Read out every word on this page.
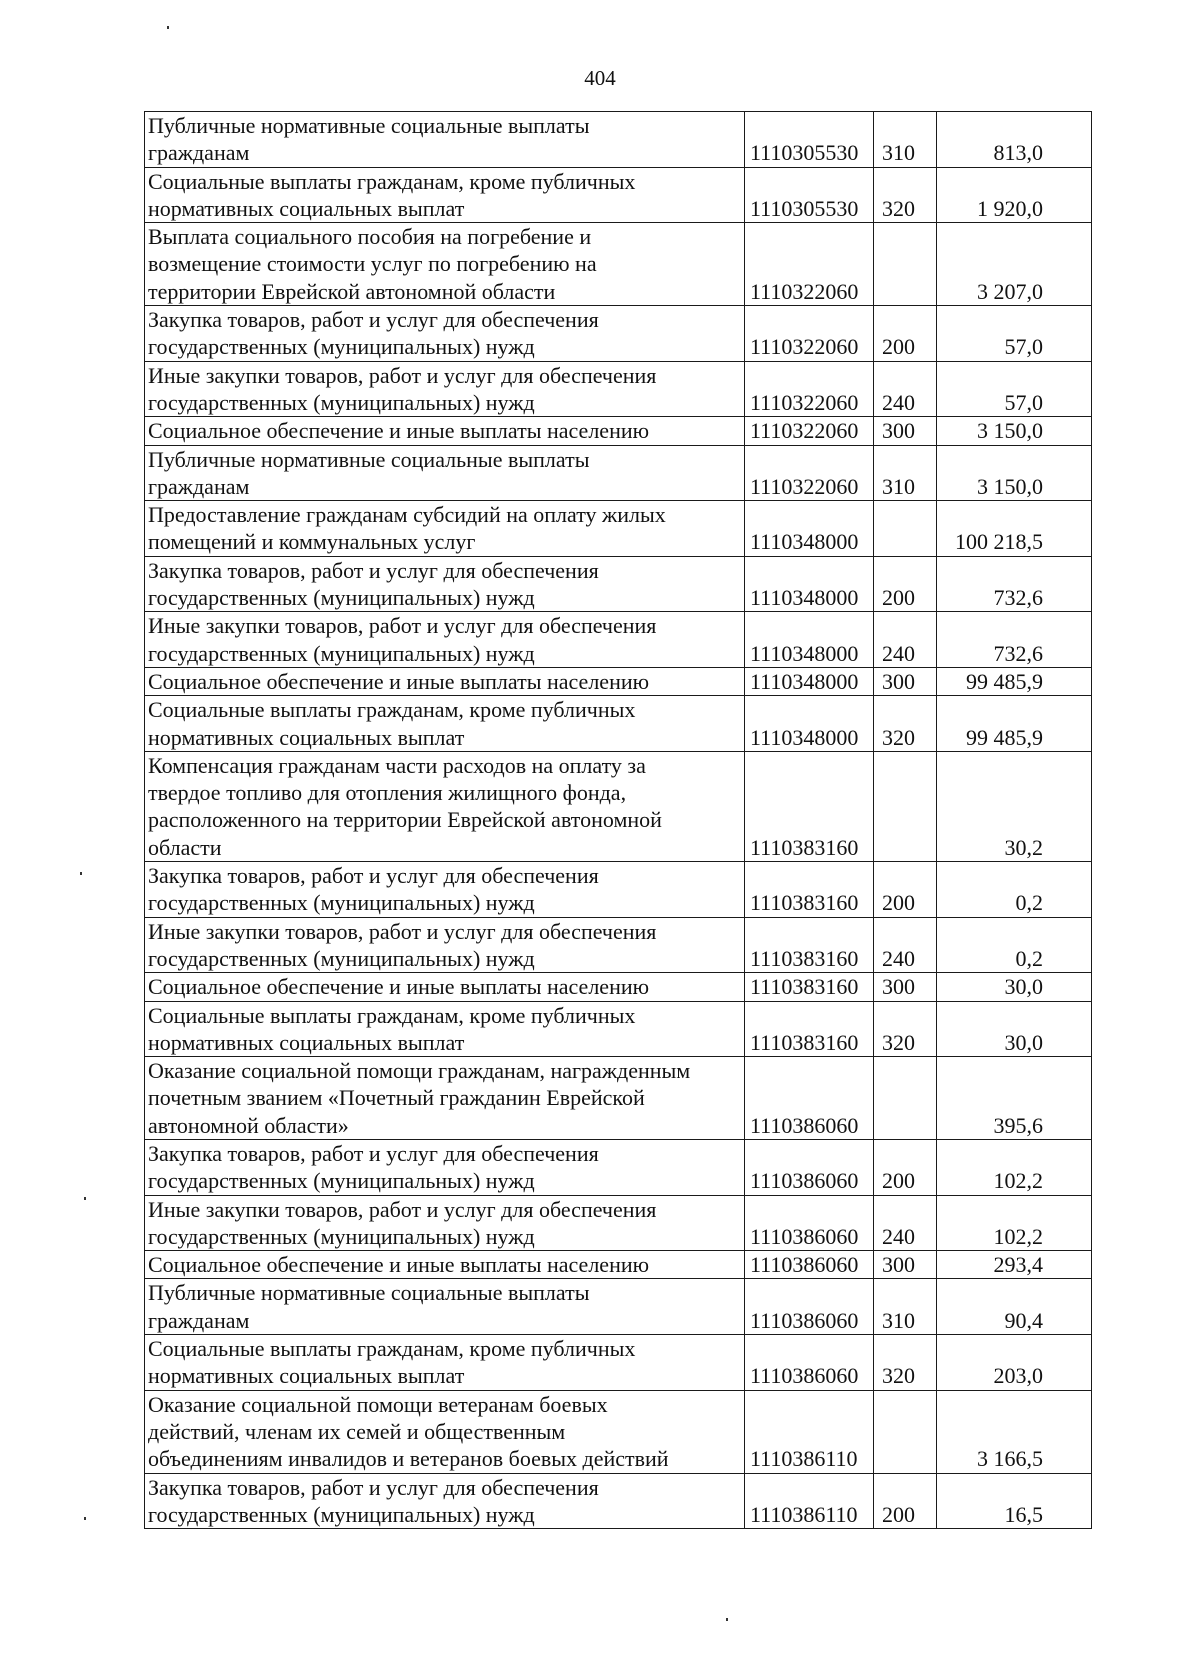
404
Публичные нормативные социальные выплаты
гражданам	1110305530	310	813,0

Социальные выплаты гражданам, кроме публичных
нормативных социальных выплат	1110305530	320	1 920,0

Выплата социального пособия на погребение и
возмещение стоимости услуг по погребению на
территории Еврейской автономной области	1110322060		3 207,0

Закупка товаров, работ и услуг для обеспечения
государственных (муниципальных) нужд	1110322060	200	57,0

Иные закупки товаров, работ и услуг для обеспечения
государственных (муниципальных) нужд	1110322060	240	57,0

Социальное обеспечение и иные выплаты населению	1110322060	300	3 150,0

Публичные нормативные социальные выплаты
гражданам	1110322060	310	3 150,0

Предоставление гражданам субсидий на оплату жилых
помещений и коммунальных услуг	1110348000		100 218,5

Закупка товаров, работ и услуг для обеспечения
государственных (муниципальных) нужд	1110348000	200	732,6

Иные закупки товаров, работ и услуг для обеспечения
государственных (муниципальных) нужд	1110348000	240	732,6

Социальное обеспечение и иные выплаты населению	1110348000	300	99 485,9

Социальные выплаты гражданам, кроме публичных
нормативных социальных выплат	1110348000	320	99 485,9

Компенсация гражданам части расходов на оплату за
твердое топливо для отопления жилищного фонда,
расположенного на территории Еврейской автономной
области	1110383160		30,2

Закупка товаров, работ и услуг для обеспечения
государственных (муниципальных) нужд	1110383160	200	0,2

Иные закупки товаров, работ и услуг для обеспечения
государственных (муниципальных) нужд	1110383160	240	0,2

Социальное обеспечение и иные выплаты населению	1110383160	300	30,0

Социальные выплаты гражданам, кроме публичных
нормативных социальных выплат	1110383160	320	30,0

Оказание социальной помощи гражданам, награжденным
почетным званием «Почетный гражданин Еврейской
автономной области»	1110386060		395,6

Закупка товаров, работ и услуг для обеспечения
государственных (муниципальных) нужд	1110386060	200	102,2

Иные закупки товаров, работ и услуг для обеспечения
государственных (муниципальных) нужд	1110386060	240	102,2

Социальное обеспечение и иные выплаты населению	1110386060	300	293,4

Публичные нормативные социальные выплаты
гражданам	1110386060	310	90,4

Социальные выплаты гражданам, кроме публичных
нормативных социальных выплат	1110386060	320	203,0

Оказание социальной помощи ветеранам боевых
действий, членам их семей и общественным
объединениям инвалидов и ветеранов боевых действий	1110386110		3 166,5

Закупка товаров, работ и услуг для обеспечения
государственных (муниципальных) нужд	1110386110	200	16,5
